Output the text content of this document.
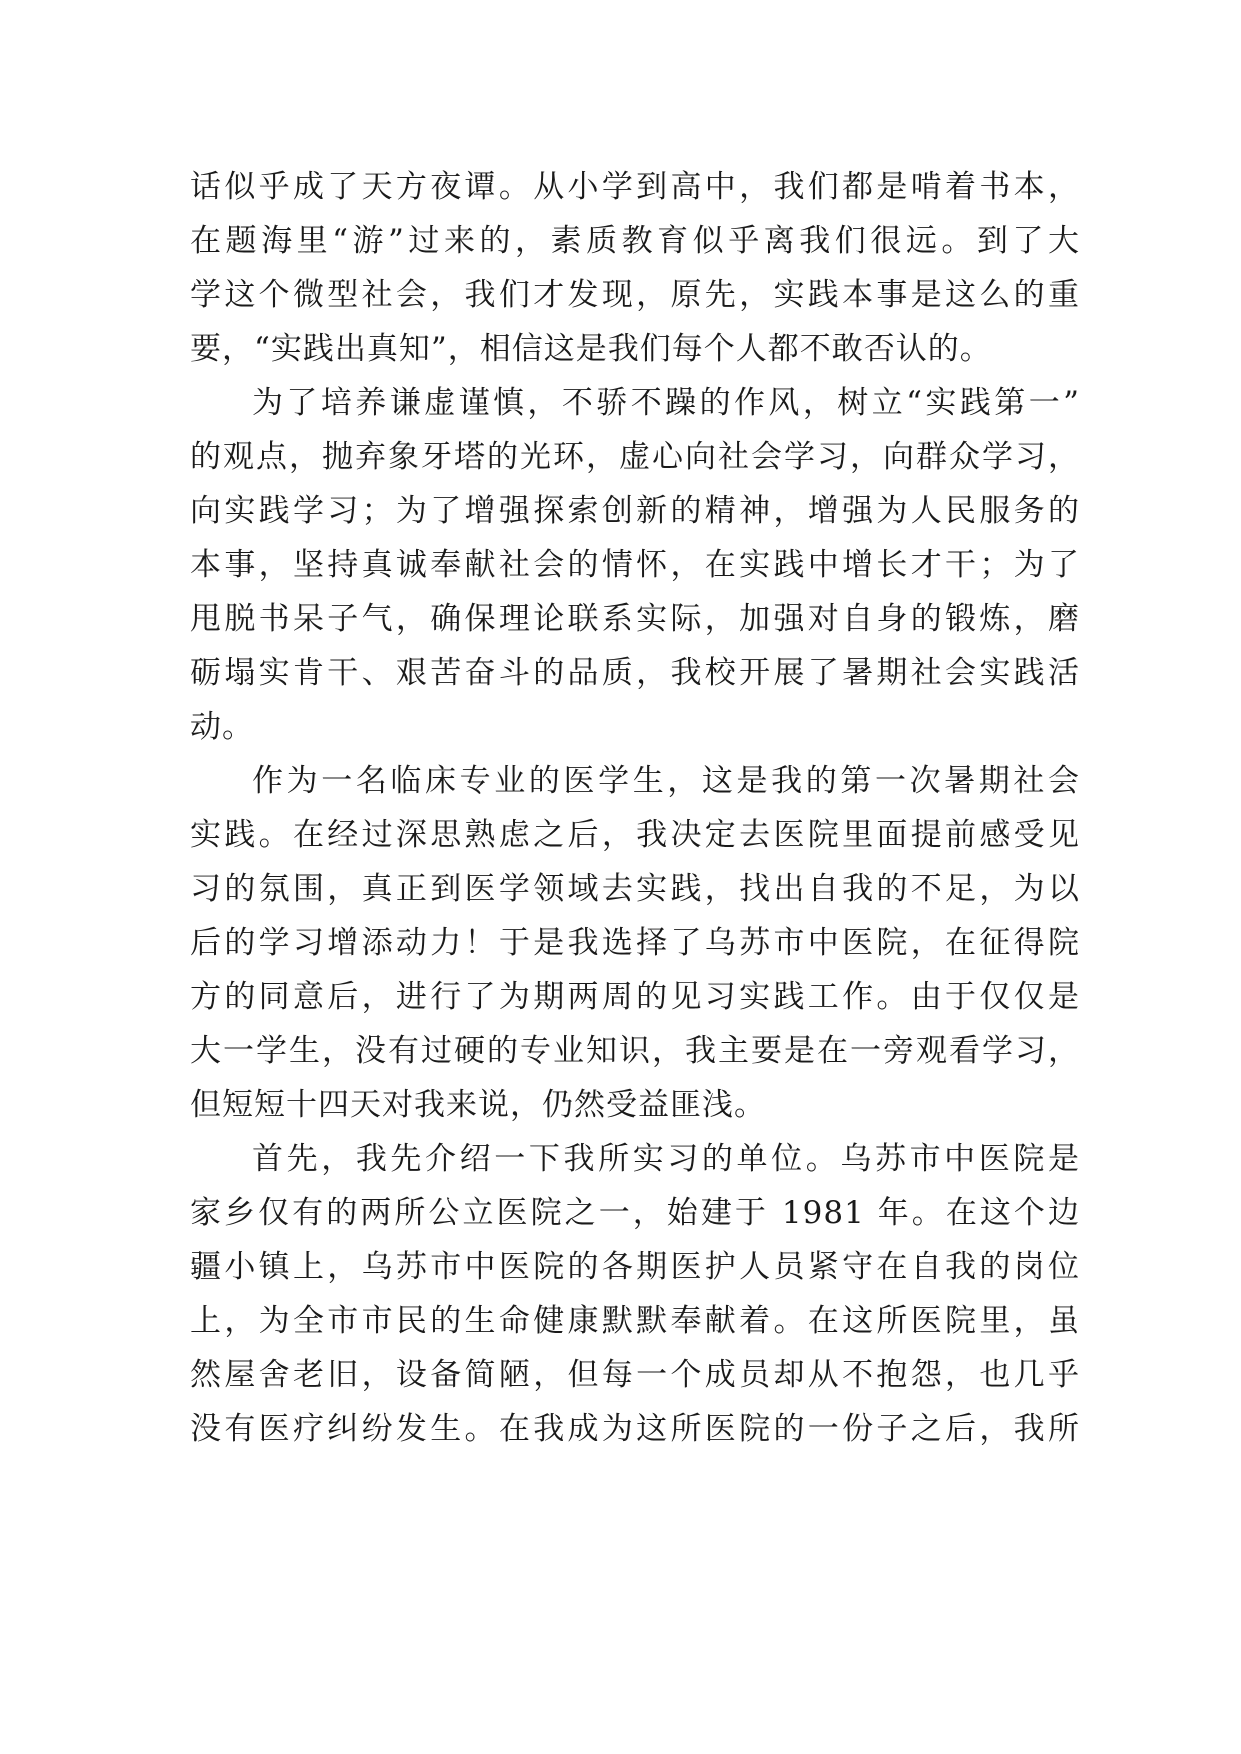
话似乎成了天方夜谭。从小学到高中，我们都是啃着书本，
在题海里“游”过来的，素质教育似乎离我们很远。到了大
学这个微型社会，我们才发现，原先，实践本事是这么的重
要，“实践出真知”，相信这是我们每个人都不敢否认的。
为了培养谦虚谨慎，不骄不躁的作风，树立“实践第一”
的观点，抛弃象牙塔的光环，虚心向社会学习，向群众学习，
向实践学习；为了增强探索创新的精神，增强为人民服务的
本事，坚持真诚奉献社会的情怀，在实践中增长才干；为了
甩脱书呆子气，确保理论联系实际，加强对自身的锻炼，磨
砺塌实肯干、艰苦奋斗的品质，我校开展了暑期社会实践活
动。
作为一名临床专业的医学生，这是我的第一次暑期社会
实践。在经过深思熟虑之后，我决定去医院里面提前感受见
习的氛围，真正到医学领域去实践，找出自我的不足，为以
后的学习增添动力！于是我选择了乌苏市中医院，在征得院
方的同意后，进行了为期两周的见习实践工作。由于仅仅是
大一学生，没有过硬的专业知识，我主要是在一旁观看学习，
但短短十四天对我来说，仍然受益匪浅。
首先，我先介绍一下我所实习的单位。乌苏市中医院是
家乡仅有的两所公立医院之一，始建于 1981 年。在这个边
疆小镇上，乌苏市中医院的各期医护人员紧守在自我的岗位
上，为全市市民的生命健康默默奉献着。在这所医院里，虽
然屋舍老旧，设备简陋，但每一个成员却从不抱怨，也几乎
没有医疗纠纷发生。在我成为这所医院的一份子之后，我所
